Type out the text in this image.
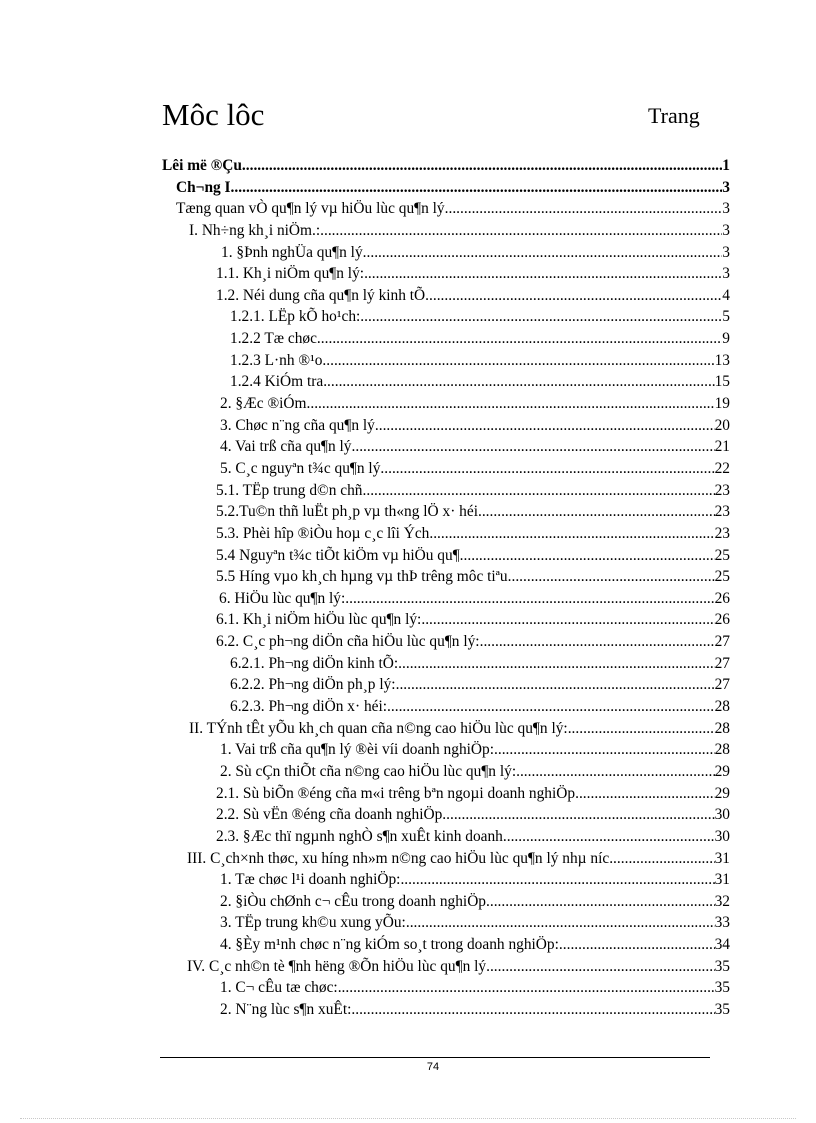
Môc lôc	Trang
Lêi më ®Çu .....	1
Ch¬ng I .....	3
Tæng quan vÒ qu¶n lý vµ hiÖu lùc qu¶n lý. .....	3
I. Nh÷ng kh¸i niÖm.: .....	3
1. §Þnh nghÜa qu¶n lý. .....	3
1.1. Kh¸i niÖm qu¶n lý: .....	3
1.2. Néi dung cña qu¶n lý kinh tÕ. .....	4
1.2.1. LËp kÕ ho¹ch: .....	5
1.2.2 Tæ chøc .....	9
1.2.3 L·nh ®¹o .....	13
1.2.4 KiÓm tra .....	15
2. §Æc ®iÓm. .....	19
3. Chøc n¨ng cña qu¶n lý. .....	20
4. Vai trß cña qu¶n lý. .....	21
5. C¸c nguyªn t¾c qu¶n lý. .....	22
5.1. TËp trung d©n chñ .....	23
5.2.Tu©n thñ luËt ph¸p vµ th«ng lÖ x· héi .....	23
5.3. Phèi hîp ®iÒu hoµ c¸c lîi Ých. .....	23
5.4 Nguyªn t¾c tiÕt kiÖm vµ hiÖu qu¶. .....	25
5.5 Híng vµo kh¸ch hµng vµ thÞ trêng môc tiªu. .....	25
6. HiÖu lùc qu¶n lý: .....	26
6.1. Kh¸i niÖm hiÖu lùc qu¶n lý: .....	26
6.2. C¸c ph¬ng diÖn cña hiÖu lùc qu¶n lý: .....	27
6.2.1. Ph¬ng diÖn kinh tÕ: .....	27
6.2.2. Ph¬ng diÖn ph¸p lý: .....	27
6.2.3. Ph¬ng diÖn x· héi: .....	28
II. TÝnh tÊt yÕu kh¸ch quan cña n©ng cao hiÖu lùc qu¶n lý: .....	28
1. Vai trß cña qu¶n lý ®èi víi doanh nghiÖp: .....	28
2. Sù cÇn thiÕt cña n©ng cao hiÖu lùc qu¶n lý: .....	29
2.1. Sù biÕn ®éng cña m«i trêng bªn ngoµi doanh nghiÖp. .....	29
2.2. Sù vËn ®éng cña doanh nghiÖp. .....	30
2.3. §Æc thï ngµnh nghÒ s¶n xuÊt kinh doanh. .....	30
III. C¸ch×nh thøc, xu híng nh»m n©ng cao hiÖu lùc qu¶n lý nhµ níc. .....	31
1. Tæ chøc l¹i doanh nghiÖp: .....	31
2. §iÒu chØnh c¬ cÊu trong doanh nghiÖp. .....	32
3. TËp trung kh©u xung yÕu: .....	33
4. §Èy m¹nh chøc n¨ng kiÓm so¸t trong doanh nghiÖp: .....	34
IV. C¸c nh©n tè ¶nh hëng ®Õn hiÖu lùc qu¶n lý. .....	35
1. C¬ cÊu tæ chøc: .....	35
2. N¨ng lùc s¶n xuÊt: .....	35
74
